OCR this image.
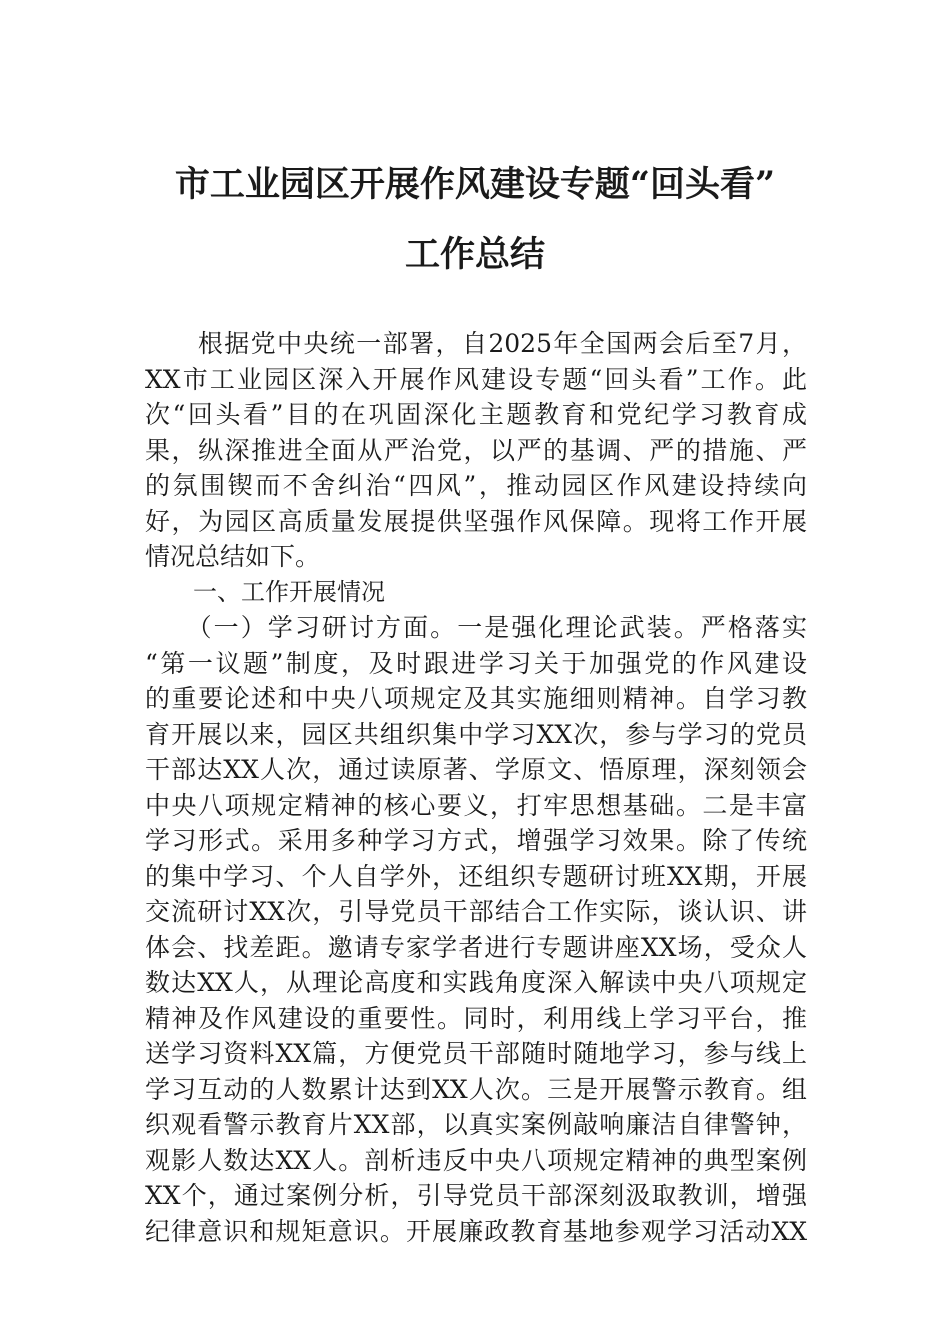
市工业园区开展作风建设专题“回头看”
工作总结
　　根据党中央统一部署，自2025年全国两会后至7月，
XX市工业园区深入开展作风建设专题“回头看”工作。此
次“回头看”目的在巩固深化主题教育和党纪学习教育成
果，纵深推进全面从严治党，以严的基调、严的措施、严
的氛围锲而不舍纠治“四风”，推动园区作风建设持续向
好，为园区高质量发展提供坚强作风保障。现将工作开展
情况总结如下。
　　一、工作开展情况
　　（一）学习研讨方面。一是强化理论武装。严格落实
“第一议题”制度，及时跟进学习关于加强党的作风建设
的重要论述和中央八项规定及其实施细则精神。自学习教
育开展以来，园区共组织集中学习XX次，参与学习的党员
干部达XX人次，通过读原著、学原文、悟原理，深刻领会
中央八项规定精神的核心要义，打牢思想基础。二是丰富
学习形式。采用多种学习方式，增强学习效果。除了传统
的集中学习、个人自学外，还组织专题研讨班XX期，开展
交流研讨XX次，引导党员干部结合工作实际，谈认识、讲
体会、找差距。邀请专家学者进行专题讲座XX场，受众人
数达XX人，从理论高度和实践角度深入解读中央八项规定
精神及作风建设的重要性。同时，利用线上学习平台，推
送学习资料XX篇，方便党员干部随时随地学习，参与线上
学习互动的人数累计达到XX人次。三是开展警示教育。组
织观看警示教育片XX部，以真实案例敲响廉洁自律警钟，
观影人数达XX人。剖析违反中央八项规定精神的典型案例
XX个，通过案例分析，引导党员干部深刻汲取教训，增强
纪律意识和规矩意识。开展廉政教育基地参观学习活动XX
